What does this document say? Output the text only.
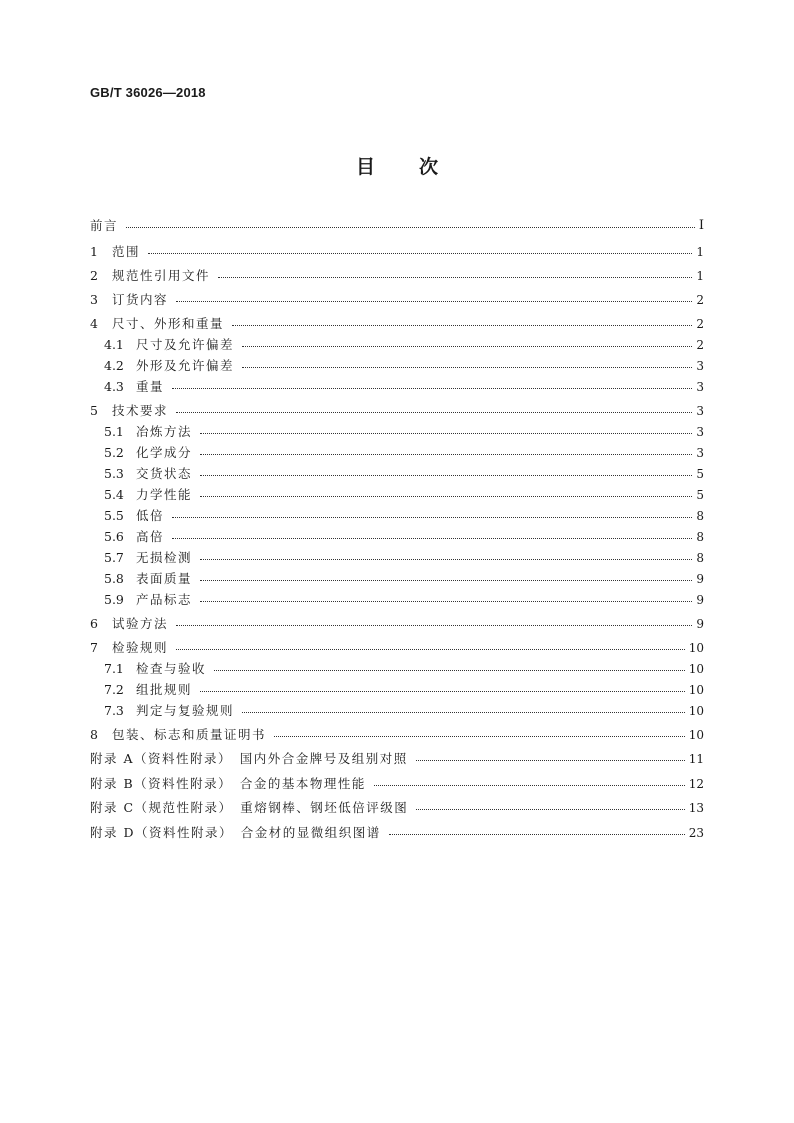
GB/T 36026—2018
目 次
前言	Ⅰ
1	范围	1
2	规范性引用文件	1
3	订货内容	2
4	尺寸、外形和重量	2
4.1 尺寸及允许偏差	2
4.2 外形及允许偏差	3
4.3 重量	3
5	技术要求	3
5.1 冶炼方法	3
5.2 化学成分	3
5.3 交货状态	5
5.4 力学性能	5
5.5 低倍	8
5.6 高倍	8
5.7 无损检测	8
5.8 表面质量	9
5.9 产品标志	9
6	试验方法	9
7	检验规则	10
7.1 检查与验收	10
7.2 组批规则	10
7.3 判定与复验规则	10
8	包装、标志和质量证明书	10
附录 A（资料性附录）　国内外合金牌号及组别对照	11
附录 B（资料性附录）　合金的基本物理性能	12
附录 C（规范性附录）　重熔钢棒、钢坯低倍评级图	13
附录 D（资料性附录）　合金材的显微组织图谱	23
